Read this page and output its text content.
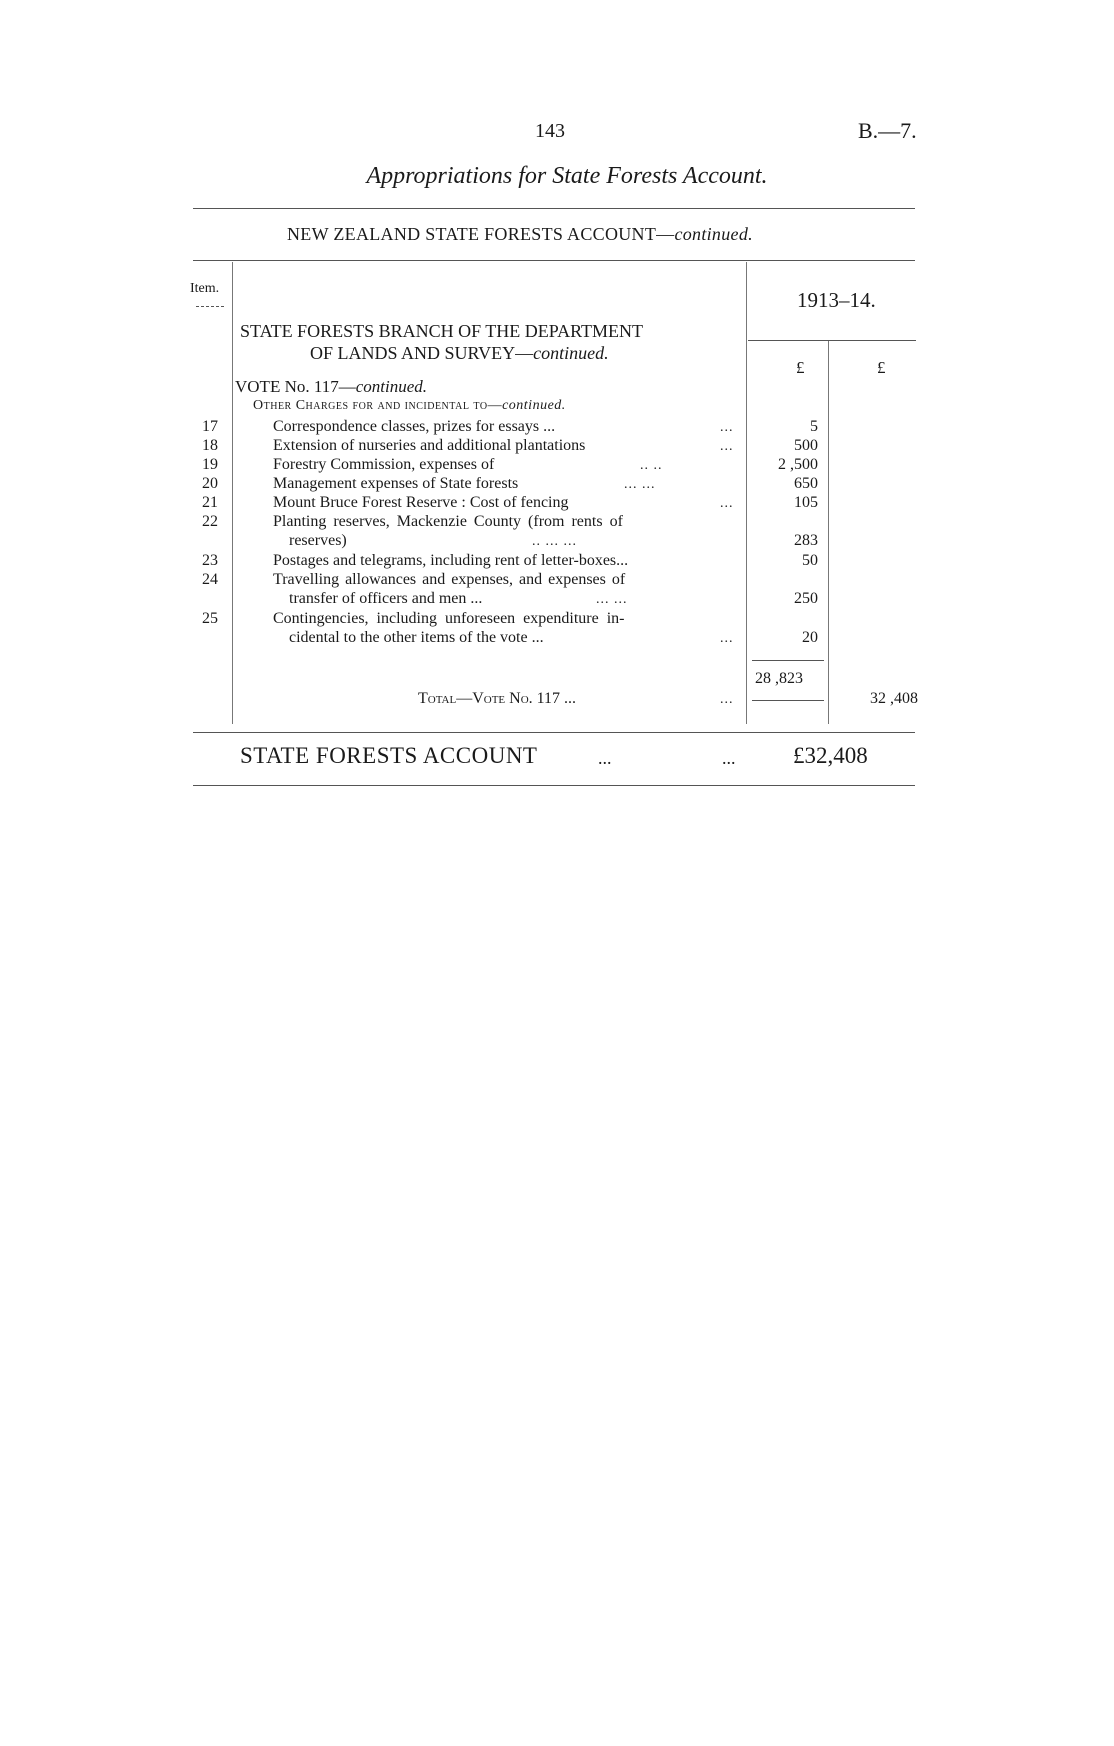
143	B.—7.
Appropriations for State Forests Account.
NEW ZEALAND STATE FORESTS ACCOUNT—continued.
Item.	1913–14.
£	£
STATE FORESTS BRANCH OF THE DEPARTMENT
OF LANDS AND SURVEY—continued.
VOTE No. 117—continued.
Other Charges for and incidental to—continued.
17	Correspondence classes, prizes for essays ...	...	5
18	Extension of nurseries and additional plantations	...	500
19	Forestry Commission, expenses of	.. ..	2 ,500
20	Management expenses of State forests	... ...	650
21	Mount Bruce Forest Reserve : Cost of fencing	...	105
22	Planting reserves, Mackenzie County (from rents of
reserves)	.. ... ...	283
23	Postages and telegrams, including rent of letter-boxes...	50
24	Travelling allowances and expenses, and expenses of
transfer of officers and men ...	... ...	250
25	Contingencies, including unforeseen expenditure in-
cidental to the other items of the vote ...	...	20
28 ,823
Total—Vote No. 117 ...	...	32 ,408
STATE FORESTS ACCOUNT	...	...	£32,408
